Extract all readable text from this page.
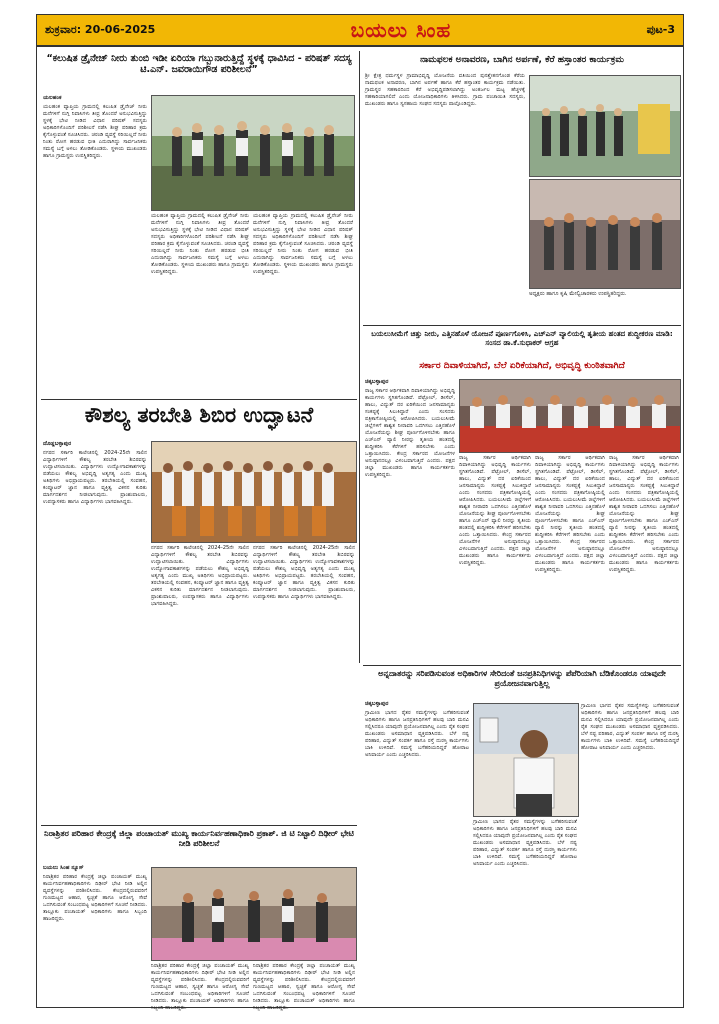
ಶುಕ್ರವಾರ: 20-06-2025	ಬಯಲು ಸಿಂಹ	ಪುಟ-3
“ಕಲುಷಿತ ಡ್ರೈನೇಜ್ ನೀರು ತುಂಬಿ ಇಡೀ ಏರಿಯಾ ಗಬ್ಬುನಾರುತ್ತಿದ್ದೆ ಸ್ಥಳಕ್ಕೆ ಧಾವಿಸಿದ - ಪರಿಷತ್ ಸದಸ್ಯ ಟಿ.ಎನ್. ಜವರಾಯಿಗೌಡ ಪರಿಶೀಲನೆ”
ಯಲಹಂಕ
ಯಲಹಂಕ ವ್ಯಾಪ್ತಿಯ ಗ್ರಾಮದಲ್ಲಿ ಕಲುಷಿತ ಡ್ರೈನೇಜ್ ನೀರು ಮನೆಗಳಿಗೆ ನುಗ್ಗಿ ನಿವಾಸಿಗಳು ತೀವ್ರ ತೊಂದರೆ ಅನುಭವಿಸುತ್ತಿದ್ದು ಸ್ಥಳಕ್ಕೆ ಭೇಟಿ ನೀಡಿದ ವಿಧಾನ ಪರಿಷತ್ ಸದಸ್ಯರು ಅಧಿಕಾರಿಗಳೊಂದಿಗೆ ಪರಿಶೀಲನೆ ನಡೆಸಿ ಶೀಘ್ರ ಪರಿಹಾರ ಕ್ರಮ ಕೈಗೊಳ್ಳುವಂತೆ ಸೂಚಿಸಿದರು. ಚರಂಡಿ ವ್ಯವಸ್ಥೆ ಸರಿಯಿಲ್ಲದೆ ನೀರು ನಿಂತು ರೋಗ ಹರಡುವ ಭೀತಿ ಎದುರಾಗಿದ್ದು ಸಾರ್ವಜನಿಕರು ಸಮಸ್ಯೆ ಬಗ್ಗೆ ಅಳಲು ತೋಡಿಕೊಂಡರು. ಸ್ಥಳೀಯ ಮುಖಂಡರು ಹಾಗೂ ಗ್ರಾಮಸ್ಥರು ಉಪಸ್ಥಿತರಿದ್ದರು.
ಯಲಹಂಕ ವ್ಯಾಪ್ತಿಯ ಗ್ರಾಮದಲ್ಲಿ ಕಲುಷಿತ ಡ್ರೈನೇಜ್ ನೀರು ಮನೆಗಳಿಗೆ ನುಗ್ಗಿ ನಿವಾಸಿಗಳು ತೀವ್ರ ತೊಂದರೆ ಅನುಭವಿಸುತ್ತಿದ್ದು ಸ್ಥಳಕ್ಕೆ ಭೇಟಿ ನೀಡಿದ ವಿಧಾನ ಪರಿಷತ್ ಸದಸ್ಯರು ಅಧಿಕಾರಿಗಳೊಂದಿಗೆ ಪರಿಶೀಲನೆ ನಡೆಸಿ ಶೀಘ್ರ ಪರಿಹಾರ ಕ್ರಮ ಕೈಗೊಳ್ಳುವಂತೆ ಸೂಚಿಸಿದರು. ಚರಂಡಿ ವ್ಯವಸ್ಥೆ ಸರಿಯಿಲ್ಲದೆ ನೀರು ನಿಂತು ರೋಗ ಹರಡುವ ಭೀತಿ ಎದುರಾಗಿದ್ದು ಸಾರ್ವಜನಿಕರು ಸಮಸ್ಯೆ ಬಗ್ಗೆ ಅಳಲು ತೋಡಿಕೊಂಡರು. ಸ್ಥಳೀಯ ಮುಖಂಡರು ಹಾಗೂ ಗ್ರಾಮಸ್ಥರು ಉಪಸ್ಥಿತರಿದ್ದರು.
ಯಲಹಂಕ ವ್ಯಾಪ್ತಿಯ ಗ್ರಾಮದಲ್ಲಿ ಕಲುಷಿತ ಡ್ರೈನೇಜ್ ನೀರು ಮನೆಗಳಿಗೆ ನುಗ್ಗಿ ನಿವಾಸಿಗಳು ತೀವ್ರ ತೊಂದರೆ ಅನುಭವಿಸುತ್ತಿದ್ದು ಸ್ಥಳಕ್ಕೆ ಭೇಟಿ ನೀಡಿದ ವಿಧಾನ ಪರಿಷತ್ ಸದಸ್ಯರು ಅಧಿಕಾರಿಗಳೊಂದಿಗೆ ಪರಿಶೀಲನೆ ನಡೆಸಿ ಶೀಘ್ರ ಪರಿಹಾರ ಕ್ರಮ ಕೈಗೊಳ್ಳುವಂತೆ ಸೂಚಿಸಿದರು. ಚರಂಡಿ ವ್ಯವಸ್ಥೆ ಸರಿಯಿಲ್ಲದೆ ನೀರು ನಿಂತು ರೋಗ ಹರಡುವ ಭೀತಿ ಎದುರಾಗಿದ್ದು ಸಾರ್ವಜನಿಕರು ಸಮಸ್ಯೆ ಬಗ್ಗೆ ಅಳಲು ತೋಡಿಕೊಂಡರು. ಸ್ಥಳೀಯ ಮುಖಂಡರು ಹಾಗೂ ಗ್ರಾಮಸ್ಥರು ಉಪಸ್ಥಿತರಿದ್ದರು.
ನಾಮಫಲಕ ಅನಾವರಣ, ಬಾಗಿನ ಅರ್ಪಣೆ, ಕೆರೆ ಹಸ್ತಾಂತರ ಕಾರ್ಯಕ್ರಮ
ಶ್ರೀ ಕ್ಷೇತ್ರ ಧರ್ಮಸ್ಥಳ ಗ್ರಾಮಾಭಿವೃದ್ಧಿ ಯೋಜನೆಯ ವತಿಯಿಂದ ಪುನಶ್ಚೇತನಗೊಂಡ ಕೆರೆಯ ನಾಮಫಲಕ ಅನಾವರಣ, ಬಾಗಿನ ಅರ್ಪಣೆ ಹಾಗೂ ಕೆರೆ ಹಸ್ತಾಂತರ ಕಾರ್ಯಕ್ರಮ ನಡೆಯಿತು. ಗ್ರಾಮಸ್ಥರ ಸಹಕಾರದಿಂದ ಕೆರೆ ಅಭಿವೃದ್ಧಿಪಡಿಸಲಾಗಿದ್ದು ಅಂತರ್ಜಲ ಮಟ್ಟ ಹೆಚ್ಚಳಕ್ಕೆ ಸಹಕಾರಿಯಾಗಲಿದೆ ಎಂದು ಯೋಜನಾಧಿಕಾರಿಗಳು ತಿಳಿಸಿದರು. ಗ್ರಾಮ ಪಂಚಾಯಿತಿ ಸದಸ್ಯರು, ಮುಖಂಡರು ಹಾಗೂ ಸ್ವಸಹಾಯ ಸಂಘದ ಸದಸ್ಯರು ಪಾಲ್ಗೊಂಡಿದ್ದರು.
ಅಧ್ಯಕ್ಷರು ಹಾಗೂ ಕೃಷಿ ಮೇಲ್ವಿಚಾರಕರು ಉಪಸ್ಥಿತರಿದ್ದರು.
ಕೌಶಲ್ಯ ತರಬೇತಿ ಶಿಬಿರ ಉದ್ಘಾಟನೆ
ದೊಡ್ಡಬಳ್ಳಾಪುರ
ನಗರದ ಸರ್ಕಾರಿ ಕಾಲೇಜಿನಲ್ಲಿ 2024-25ನೇ ಸಾಲಿನ ವಿದ್ಯಾರ್ಥಿಗಳಿಗೆ ಕೌಶಲ್ಯ ತರಬೇತಿ ಶಿಬಿರವನ್ನು ಉದ್ಘಾಟಿಸಲಾಯಿತು. ವಿದ್ಯಾರ್ಥಿಗಳು ಉದ್ಯೋಗಾವಕಾಶಗಳನ್ನು ಪಡೆಯಲು ಕೌಶಲ್ಯ ಅಭಿವೃದ್ಧಿ ಅತ್ಯಗತ್ಯ ಎಂದು ಮುಖ್ಯ ಅತಿಥಿಗಳು ಅಭಿಪ್ರಾಯಪಟ್ಟರು. ತರಬೇತಿಯಲ್ಲಿ ಸಂವಹನ, ಕಂಪ್ಯೂಟರ್ ಜ್ಞಾನ ಹಾಗೂ ವ್ಯಕ್ತಿತ್ವ ವಿಕಸನ ಕುರಿತು ಮಾರ್ಗದರ್ಶನ ನೀಡಲಾಗುವುದು. ಪ್ರಾಂಶುಪಾಲರು, ಉಪನ್ಯಾಸಕರು ಹಾಗೂ ವಿದ್ಯಾರ್ಥಿಗಳು ಭಾಗವಹಿಸಿದ್ದರು.
ನಗರದ ಸರ್ಕಾರಿ ಕಾಲೇಜಿನಲ್ಲಿ 2024-25ನೇ ಸಾಲಿನ ವಿದ್ಯಾರ್ಥಿಗಳಿಗೆ ಕೌಶಲ್ಯ ತರಬೇತಿ ಶಿಬಿರವನ್ನು ಉದ್ಘಾಟಿಸಲಾಯಿತು. ವಿದ್ಯಾರ್ಥಿಗಳು ಉದ್ಯೋಗಾವಕಾಶಗಳನ್ನು ಪಡೆಯಲು ಕೌಶಲ್ಯ ಅಭಿವೃದ್ಧಿ ಅತ್ಯಗತ್ಯ ಎಂದು ಮುಖ್ಯ ಅತಿಥಿಗಳು ಅಭಿಪ್ರಾಯಪಟ್ಟರು. ತರಬೇತಿಯಲ್ಲಿ ಸಂವಹನ, ಕಂಪ್ಯೂಟರ್ ಜ್ಞಾನ ಹಾಗೂ ವ್ಯಕ್ತಿತ್ವ ವಿಕಸನ ಕುರಿತು ಮಾರ್ಗದರ್ಶನ ನೀಡಲಾಗುವುದು. ಪ್ರಾಂಶುಪಾಲರು, ಉಪನ್ಯಾಸಕರು ಹಾಗೂ ವಿದ್ಯಾರ್ಥಿಗಳು ಭಾಗವಹಿಸಿದ್ದರು.
ನಗರದ ಸರ್ಕಾರಿ ಕಾಲೇಜಿನಲ್ಲಿ 2024-25ನೇ ಸಾಲಿನ ವಿದ್ಯಾರ್ಥಿಗಳಿಗೆ ಕೌಶಲ್ಯ ತರಬೇತಿ ಶಿಬಿರವನ್ನು ಉದ್ಘಾಟಿಸಲಾಯಿತು. ವಿದ್ಯಾರ್ಥಿಗಳು ಉದ್ಯೋಗಾವಕಾಶಗಳನ್ನು ಪಡೆಯಲು ಕೌಶಲ್ಯ ಅಭಿವೃದ್ಧಿ ಅತ್ಯಗತ್ಯ ಎಂದು ಮುಖ್ಯ ಅತಿಥಿಗಳು ಅಭಿಪ್ರಾಯಪಟ್ಟರು. ತರಬೇತಿಯಲ್ಲಿ ಸಂವಹನ, ಕಂಪ್ಯೂಟರ್ ಜ್ಞಾನ ಹಾಗೂ ವ್ಯಕ್ತಿತ್ವ ವಿಕಸನ ಕುರಿತು ಮಾರ್ಗದರ್ಶನ ನೀಡಲಾಗುವುದು. ಪ್ರಾಂಶುಪಾಲರು, ಉಪನ್ಯಾಸಕರು ಹಾಗೂ ವಿದ್ಯಾರ್ಥಿಗಳು ಭಾಗವಹಿಸಿದ್ದರು.
ಬಯಲುಸೀಮೆಗೆ ಚಿತ್ತು ನೀರು, ಎತ್ತಿನಹೊಳೆ ಯೋಜನೆ ಪೂರ್ಣಗೊಳಿಸಿ, ಎಚ್‌ಎನ್ ವ್ಯಾಲಿಯಲ್ಲಿ ತೃತೀಯ ಹಂತದ ಶುದ್ಧೀಕರಣ ಮಾಡಿ: ಸಂಸದ ಡಾ.ಕೆ.ಸುಧಾಕರ್ ಆಗ್ರಹ
ಸರ್ಕಾರ ದಿವಾಳಿಯಾಗಿದೆ, ಬೆಲೆ ಏರಿಕೆಯಾಗಿದೆ, ಅಭಿವೃದ್ಧಿ ಕುಂಠಿತವಾಗಿದೆ
ಚಿಕ್ಕಬಳ್ಳಾಪುರ
ರಾಜ್ಯ ಸರ್ಕಾರ ಆರ್ಥಿಕವಾಗಿ ದಿವಾಳಿಯಾಗಿದ್ದು ಅಭಿವೃದ್ಧಿ ಕಾರ್ಯಗಳು ಸ್ಥಗಿತಗೊಂಡಿವೆ. ಪೆಟ್ರೋಲ್, ಡೀಸೆಲ್, ಹಾಲು, ವಿದ್ಯುತ್ ದರ ಏರಿಕೆಯಿಂದ ಜನಸಾಮಾನ್ಯರು ಸಂಕಷ್ಟಕ್ಕೆ ಸಿಲುಕಿದ್ದಾರೆ ಎಂದು ಸಂಸದರು ಪತ್ರಿಕಾಗೋಷ್ಠಿಯಲ್ಲಿ ಆರೋಪಿಸಿದರು. ಬಯಲುಸೀಮೆ ಜಿಲ್ಲೆಗಳಿಗೆ ಶಾಶ್ವತ ನೀರಾವರಿ ಒದಗಿಸಲು ಎತ್ತಿನಹೊಳೆ ಯೋಜನೆಯನ್ನು ಶೀಘ್ರ ಪೂರ್ಣಗೊಳಿಸಬೇಕು ಹಾಗೂ ಎಚ್‌ಎನ್ ವ್ಯಾಲಿ ನೀರನ್ನು ತೃತೀಯ ಹಂತದಲ್ಲಿ ಶುದ್ಧೀಕರಿಸಿ ಕೆರೆಗಳಿಗೆ ಹರಿಸಬೇಕು ಎಂದು ಒತ್ತಾಯಿಸಿದರು. ಕೇಂದ್ರ ಸರ್ಕಾರದ ಯೋಜನೆಗಳ ಅನುಷ್ಠಾನದಲ್ಲೂ ವಿಳಂಬವಾಗುತ್ತಿದೆ ಎಂದರು. ಪಕ್ಷದ ಜಿಲ್ಲಾ ಮುಖಂಡರು ಹಾಗೂ ಕಾರ್ಯಕರ್ತರು ಉಪಸ್ಥಿತರಿದ್ದರು.
ರಾಜ್ಯ ಸರ್ಕಾರ ಆರ್ಥಿಕವಾಗಿ ದಿವಾಳಿಯಾಗಿದ್ದು ಅಭಿವೃದ್ಧಿ ಕಾರ್ಯಗಳು ಸ್ಥಗಿತಗೊಂಡಿವೆ. ಪೆಟ್ರೋಲ್, ಡೀಸೆಲ್, ಹಾಲು, ವಿದ್ಯುತ್ ದರ ಏರಿಕೆಯಿಂದ ಜನಸಾಮಾನ್ಯರು ಸಂಕಷ್ಟಕ್ಕೆ ಸಿಲುಕಿದ್ದಾರೆ ಎಂದು ಸಂಸದರು ಪತ್ರಿಕಾಗೋಷ್ಠಿಯಲ್ಲಿ ಆರೋಪಿಸಿದರು. ಬಯಲುಸೀಮೆ ಜಿಲ್ಲೆಗಳಿಗೆ ಶಾಶ್ವತ ನೀರಾವರಿ ಒದಗಿಸಲು ಎತ್ತಿನಹೊಳೆ ಯೋಜನೆಯನ್ನು ಶೀಘ್ರ ಪೂರ್ಣಗೊಳಿಸಬೇಕು ಹಾಗೂ ಎಚ್‌ಎನ್ ವ್ಯಾಲಿ ನೀರನ್ನು ತೃತೀಯ ಹಂತದಲ್ಲಿ ಶುದ್ಧೀಕರಿಸಿ ಕೆರೆಗಳಿಗೆ ಹರಿಸಬೇಕು ಎಂದು ಒತ್ತಾಯಿಸಿದರು. ಕೇಂದ್ರ ಸರ್ಕಾರದ ಯೋಜನೆಗಳ ಅನುಷ್ಠಾನದಲ್ಲೂ ವಿಳಂಬವಾಗುತ್ತಿದೆ ಎಂದರು. ಪಕ್ಷದ ಜಿಲ್ಲಾ ಮುಖಂಡರು ಹಾಗೂ ಕಾರ್ಯಕರ್ತರು ಉಪಸ್ಥಿತರಿದ್ದರು.
ರಾಜ್ಯ ಸರ್ಕಾರ ಆರ್ಥಿಕವಾಗಿ ದಿವಾಳಿಯಾಗಿದ್ದು ಅಭಿವೃದ್ಧಿ ಕಾರ್ಯಗಳು ಸ್ಥಗಿತಗೊಂಡಿವೆ. ಪೆಟ್ರೋಲ್, ಡೀಸೆಲ್, ಹಾಲು, ವಿದ್ಯುತ್ ದರ ಏರಿಕೆಯಿಂದ ಜನಸಾಮಾನ್ಯರು ಸಂಕಷ್ಟಕ್ಕೆ ಸಿಲುಕಿದ್ದಾರೆ ಎಂದು ಸಂಸದರು ಪತ್ರಿಕಾಗೋಷ್ಠಿಯಲ್ಲಿ ಆರೋಪಿಸಿದರು. ಬಯಲುಸೀಮೆ ಜಿಲ್ಲೆಗಳಿಗೆ ಶಾಶ್ವತ ನೀರಾವರಿ ಒದಗಿಸಲು ಎತ್ತಿನಹೊಳೆ ಯೋಜನೆಯನ್ನು ಶೀಘ್ರ ಪೂರ್ಣಗೊಳಿಸಬೇಕು ಹಾಗೂ ಎಚ್‌ಎನ್ ವ್ಯಾಲಿ ನೀರನ್ನು ತೃತೀಯ ಹಂತದಲ್ಲಿ ಶುದ್ಧೀಕರಿಸಿ ಕೆರೆಗಳಿಗೆ ಹರಿಸಬೇಕು ಎಂದು ಒತ್ತಾಯಿಸಿದರು. ಕೇಂದ್ರ ಸರ್ಕಾರದ ಯೋಜನೆಗಳ ಅನುಷ್ಠಾನದಲ್ಲೂ ವಿಳಂಬವಾಗುತ್ತಿದೆ ಎಂದರು. ಪಕ್ಷದ ಜಿಲ್ಲಾ ಮುಖಂಡರು ಹಾಗೂ ಕಾರ್ಯಕರ್ತರು ಉಪಸ್ಥಿತರಿದ್ದರು.
ರಾಜ್ಯ ಸರ್ಕಾರ ಆರ್ಥಿಕವಾಗಿ ದಿವಾಳಿಯಾಗಿದ್ದು ಅಭಿವೃದ್ಧಿ ಕಾರ್ಯಗಳು ಸ್ಥಗಿತಗೊಂಡಿವೆ. ಪೆಟ್ರೋಲ್, ಡೀಸೆಲ್, ಹಾಲು, ವಿದ್ಯುತ್ ದರ ಏರಿಕೆಯಿಂದ ಜನಸಾಮಾನ್ಯರು ಸಂಕಷ್ಟಕ್ಕೆ ಸಿಲುಕಿದ್ದಾರೆ ಎಂದು ಸಂಸದರು ಪತ್ರಿಕಾಗೋಷ್ಠಿಯಲ್ಲಿ ಆರೋಪಿಸಿದರು. ಬಯಲುಸೀಮೆ ಜಿಲ್ಲೆಗಳಿಗೆ ಶಾಶ್ವತ ನೀರಾವರಿ ಒದಗಿಸಲು ಎತ್ತಿನಹೊಳೆ ಯೋಜನೆಯನ್ನು ಶೀಘ್ರ ಪೂರ್ಣಗೊಳಿಸಬೇಕು ಹಾಗೂ ಎಚ್‌ಎನ್ ವ್ಯಾಲಿ ನೀರನ್ನು ತೃತೀಯ ಹಂತದಲ್ಲಿ ಶುದ್ಧೀಕರಿಸಿ ಕೆರೆಗಳಿಗೆ ಹರಿಸಬೇಕು ಎಂದು ಒತ್ತಾಯಿಸಿದರು. ಕೇಂದ್ರ ಸರ್ಕಾರದ ಯೋಜನೆಗಳ ಅನುಷ್ಠಾನದಲ್ಲೂ ವಿಳಂಬವಾಗುತ್ತಿದೆ ಎಂದರು. ಪಕ್ಷದ ಜಿಲ್ಲಾ ಮುಖಂಡರು ಹಾಗೂ ಕಾರ್ಯಕರ್ತರು ಉಪಸ್ಥಿತರಿದ್ದರು.
ಅನ್ನದಾತರನ್ನು ಸರಿಪಡಿಸುವಂತ ಅಧಿಕಾರಿಗಳ ಸೇರಿದಂತೆ ಜನಪ್ರತಿನಿಧಿಗಳನ್ನು ಪೆಪೆರಿಯಾಗಿ ಬೆಡಿಕೊಂಡರೂ ಯಾವುದೇ ಪ್ರಯೋಜನವಾಗುತ್ತಿಲ್ಲ
ಚಿಕ್ಕಬಳ್ಳಾಪುರ
ಗ್ರಾಮೀಣ ಭಾಗದ ರೈತರ ಸಮಸ್ಯೆಗಳನ್ನು ಬಗೆಹರಿಸುವಂತೆ ಅಧಿಕಾರಿಗಳು ಹಾಗೂ ಜನಪ್ರತಿನಿಧಿಗಳಿಗೆ ಹಲವು ಬಾರಿ ಮನವಿ ಸಲ್ಲಿಸಿದರೂ ಯಾವುದೇ ಪ್ರಯೋಜನವಾಗಿಲ್ಲ ಎಂದು ರೈತ ಸಂಘದ ಮುಖಂಡರು ಅಸಮಾಧಾನ ವ್ಯಕ್ತಪಡಿಸಿದರು. ಬೆಳೆ ನಷ್ಟ ಪರಿಹಾರ, ವಿದ್ಯುತ್ ಸಂಪರ್ಕ ಹಾಗೂ ರಸ್ತೆ ದುರಸ್ತಿ ಕಾರ್ಯಗಳು ಬಾಕಿ ಉಳಿದಿವೆ. ಸಮಸ್ಯೆ ಬಗೆಹರಿಯದಿದ್ದರೆ ಹೋರಾಟ ಅನಿವಾರ್ಯ ಎಂದು ಎಚ್ಚರಿಸಿದರು.
ಗ್ರಾಮೀಣ ಭಾಗದ ರೈತರ ಸಮಸ್ಯೆಗಳನ್ನು ಬಗೆಹರಿಸುವಂತೆ ಅಧಿಕಾರಿಗಳು ಹಾಗೂ ಜನಪ್ರತಿನಿಧಿಗಳಿಗೆ ಹಲವು ಬಾರಿ ಮನವಿ ಸಲ್ಲಿಸಿದರೂ ಯಾವುದೇ ಪ್ರಯೋಜನವಾಗಿಲ್ಲ ಎಂದು ರೈತ ಸಂಘದ ಮುಖಂಡರು ಅಸಮಾಧಾನ ವ್ಯಕ್ತಪಡಿಸಿದರು. ಬೆಳೆ ನಷ್ಟ ಪರಿಹಾರ, ವಿದ್ಯುತ್ ಸಂಪರ್ಕ ಹಾಗೂ ರಸ್ತೆ ದುರಸ್ತಿ ಕಾರ್ಯಗಳು ಬಾಕಿ ಉಳಿದಿವೆ. ಸಮಸ್ಯೆ ಬಗೆಹರಿಯದಿದ್ದರೆ ಹೋರಾಟ ಅನಿವಾರ್ಯ ಎಂದು ಎಚ್ಚರಿಸಿದರು.
ಗ್ರಾಮೀಣ ಭಾಗದ ರೈತರ ಸಮಸ್ಯೆಗಳನ್ನು ಬಗೆಹರಿಸುವಂತೆ ಅಧಿಕಾರಿಗಳು ಹಾಗೂ ಜನಪ್ರತಿನಿಧಿಗಳಿಗೆ ಹಲವು ಬಾರಿ ಮನವಿ ಸಲ್ಲಿಸಿದರೂ ಯಾವುದೇ ಪ್ರಯೋಜನವಾಗಿಲ್ಲ ಎಂದು ರೈತ ಸಂಘದ ಮುಖಂಡರು ಅಸಮಾಧಾನ ವ್ಯಕ್ತಪಡಿಸಿದರು. ಬೆಳೆ ನಷ್ಟ ಪರಿಹಾರ, ವಿದ್ಯುತ್ ಸಂಪರ್ಕ ಹಾಗೂ ರಸ್ತೆ ದುರಸ್ತಿ ಕಾರ್ಯಗಳು ಬಾಕಿ ಉಳಿದಿವೆ. ಸಮಸ್ಯೆ ಬಗೆಹರಿಯದಿದ್ದರೆ ಹೋರಾಟ ಅನಿವಾರ್ಯ ಎಂದು ಎಚ್ಚರಿಸಿದರು.
ನಿರಾಶ್ರಿತರ ಪರಿಹಾರ ಕೇಂದ್ರಕ್ಕೆ ಜಿಲ್ಲಾ ಪಂಚಾಯತ್ ಮುಖ್ಯ ಕಾರ್ಯನಿರ್ವಹಣಾಧಿಕಾರಿ ಪ್ರಕಾಶ್. ಜಿ ಟಿ ನಿಟ್ಟಾಲಿ ದಿಢೀರ್ ಭೇಟಿ ನೀಡಿ ಪರಿಶೀಲನೆ
ಬಯಲು ಸಿಂಹ ನ್ಯೂಸ್
ನಿರಾಶ್ರಿತರ ಪರಿಹಾರ ಕೇಂದ್ರಕ್ಕೆ ಜಿಲ್ಲಾ ಪಂಚಾಯತ್ ಮುಖ್ಯ ಕಾರ್ಯನಿರ್ವಹಣಾಧಿಕಾರಿಗಳು ದಿಢೀರ್ ಭೇಟಿ ನೀಡಿ ಅಲ್ಲಿನ ವ್ಯವಸ್ಥೆಗಳನ್ನು ಪರಿಶೀಲಿಸಿದರು. ಕೇಂದ್ರದಲ್ಲಿರುವವರಿಗೆ ಗುಣಮಟ್ಟದ ಆಹಾರ, ಸ್ವಚ್ಛತೆ ಹಾಗೂ ಆರೋಗ್ಯ ಸೇವೆ ಒದಗಿಸುವಂತೆ ಸಂಬಂಧಪಟ್ಟ ಅಧಿಕಾರಿಗಳಿಗೆ ಸೂಚನೆ ನೀಡಿದರು. ತಾಲ್ಲೂಕು ಪಂಚಾಯತ್ ಅಧಿಕಾರಿಗಳು ಹಾಗೂ ಸಿಬ್ಬಂದಿ ಹಾಜರಿದ್ದರು.
ನಿರಾಶ್ರಿತರ ಪರಿಹಾರ ಕೇಂದ್ರಕ್ಕೆ ಜಿಲ್ಲಾ ಪಂಚಾಯತ್ ಮುಖ್ಯ ಕಾರ್ಯನಿರ್ವಹಣಾಧಿಕಾರಿಗಳು ದಿಢೀರ್ ಭೇಟಿ ನೀಡಿ ಅಲ್ಲಿನ ವ್ಯವಸ್ಥೆಗಳನ್ನು ಪರಿಶೀಲಿಸಿದರು. ಕೇಂದ್ರದಲ್ಲಿರುವವರಿಗೆ ಗುಣಮಟ್ಟದ ಆಹಾರ, ಸ್ವಚ್ಛತೆ ಹಾಗೂ ಆರೋಗ್ಯ ಸೇವೆ ಒದಗಿಸುವಂತೆ ಸಂಬಂಧಪಟ್ಟ ಅಧಿಕಾರಿಗಳಿಗೆ ಸೂಚನೆ ನೀಡಿದರು. ತಾಲ್ಲೂಕು ಪಂಚಾಯತ್ ಅಧಿಕಾರಿಗಳು ಹಾಗೂ ಸಿಬ್ಬಂದಿ ಹಾಜರಿದ್ದರು.
ನಿರಾಶ್ರಿತರ ಪರಿಹಾರ ಕೇಂದ್ರಕ್ಕೆ ಜಿಲ್ಲಾ ಪಂಚಾಯತ್ ಮುಖ್ಯ ಕಾರ್ಯನಿರ್ವಹಣಾಧಿಕಾರಿಗಳು ದಿಢೀರ್ ಭೇಟಿ ನೀಡಿ ಅಲ್ಲಿನ ವ್ಯವಸ್ಥೆಗಳನ್ನು ಪರಿಶೀಲಿಸಿದರು. ಕೇಂದ್ರದಲ್ಲಿರುವವರಿಗೆ ಗುಣಮಟ್ಟದ ಆಹಾರ, ಸ್ವಚ್ಛತೆ ಹಾಗೂ ಆರೋಗ್ಯ ಸೇವೆ ಒದಗಿಸುವಂತೆ ಸಂಬಂಧಪಟ್ಟ ಅಧಿಕಾರಿಗಳಿಗೆ ಸೂಚನೆ ನೀಡಿದರು. ತಾಲ್ಲೂಕು ಪಂಚಾಯತ್ ಅಧಿಕಾರಿಗಳು ಹಾಗೂ ಸಿಬ್ಬಂದಿ ಹಾಜರಿದ್ದರು.
